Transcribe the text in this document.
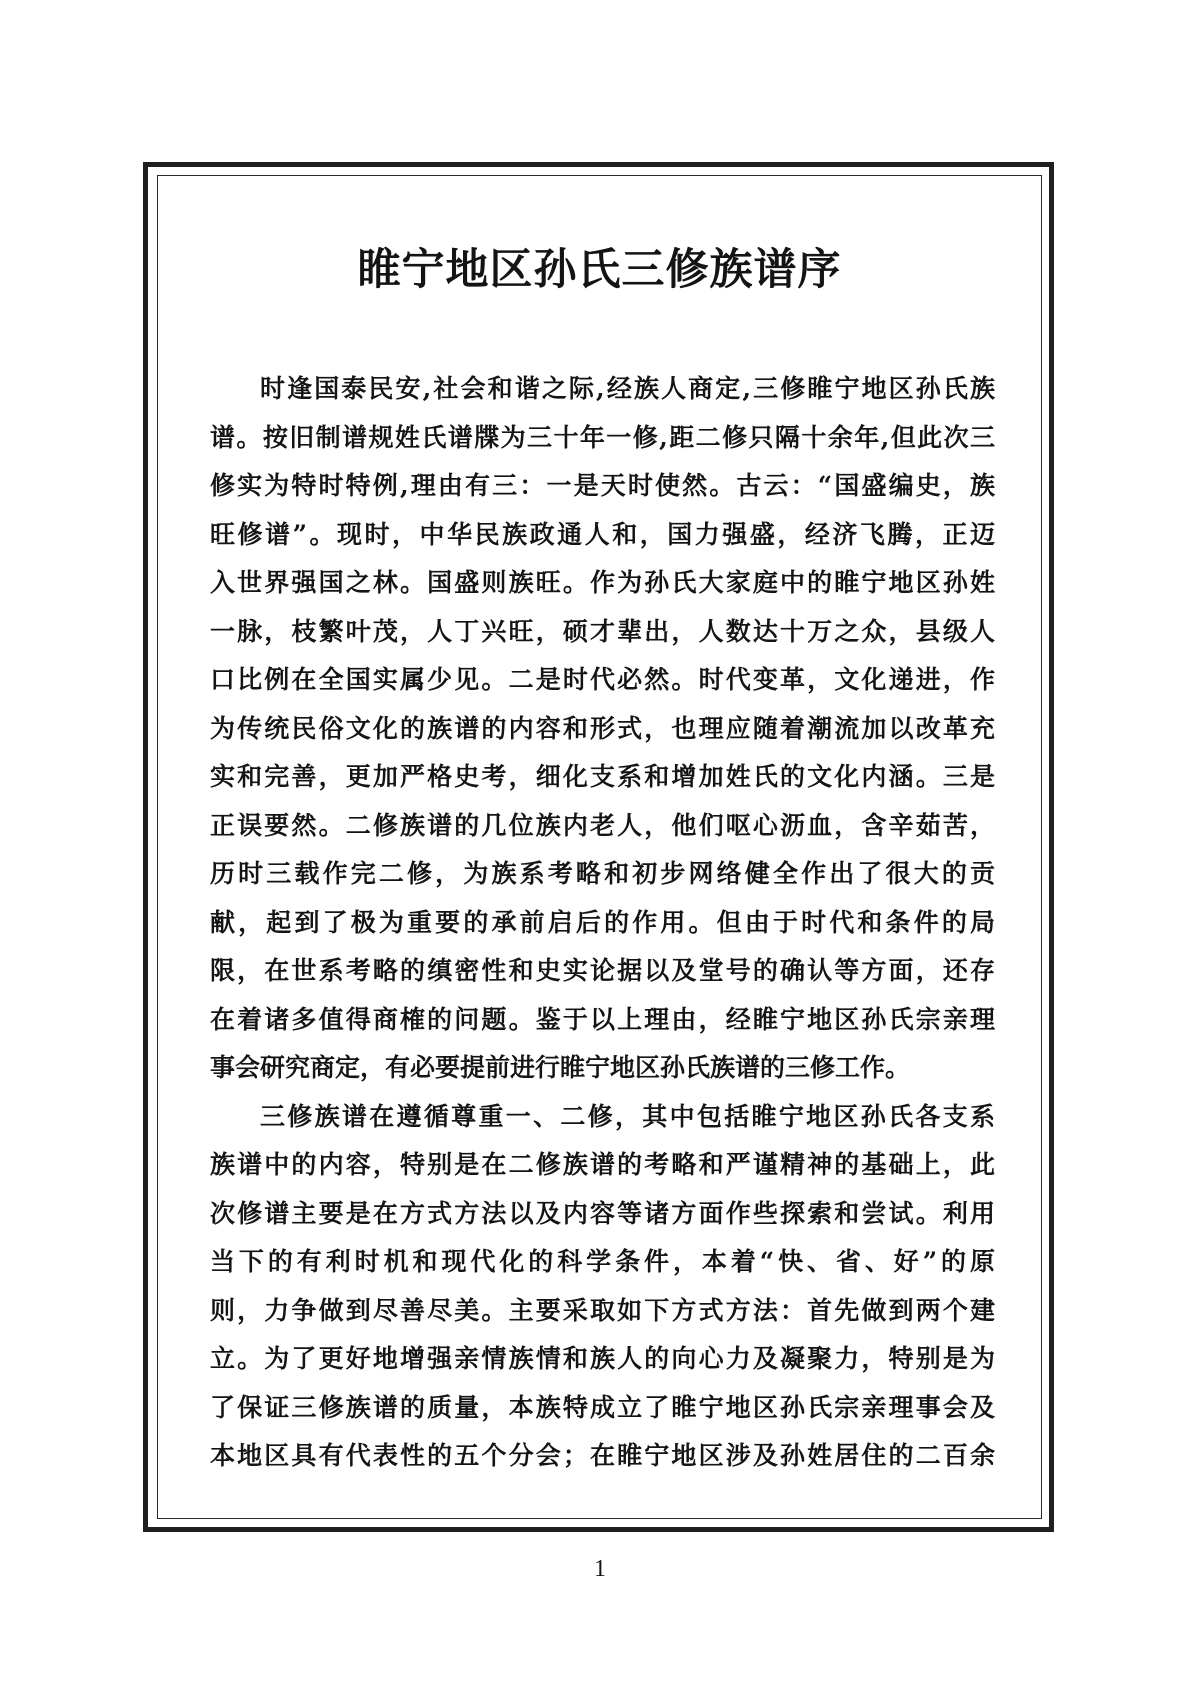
睢宁地区孙氏三修族谱序

时逢国泰民安,社会和谐之际,经族人商定,三修睢宁地区孙氏族
谱。按旧制谱规姓氏谱牒为三十年一修,距二修只隔十余年,但此次三
修实为特时特例,理由有三：一是天时使然。古云：“国盛编史，族
旺修谱”。现时，中华民族政通人和，国力强盛，经济飞腾，正迈
入世界强国之林。国盛则族旺。作为孙氏大家庭中的睢宁地区孙姓
一脉，枝繁叶茂，人丁兴旺，硕才辈出，人数达十万之众，县级人
口比例在全国实属少见。二是时代必然。时代变革，文化递进，作
为传统民俗文化的族谱的内容和形式，也理应随着潮流加以改革充
实和完善，更加严格史考，细化支系和增加姓氏的文化内涵。三是
正误要然。二修族谱的几位族内老人，他们呕心沥血，含辛茹苦，
历时三载作完二修，为族系考略和初步网络健全作出了很大的贡
献，起到了极为重要的承前启后的作用。但由于时代和条件的局
限，在世系考略的缜密性和史实论据以及堂号的确认等方面，还存
在着诸多值得商榷的问题。鉴于以上理由，经睢宁地区孙氏宗亲理
事会研究商定，有必要提前进行睢宁地区孙氏族谱的三修工作。

三修族谱在遵循尊重一、二修，其中包括睢宁地区孙氏各支系
族谱中的内容，特别是在二修族谱的考略和严谨精神的基础上，此
次修谱主要是在方式方法以及内容等诸方面作些探索和尝试。利用
当下的有利时机和现代化的科学条件，本着“快、省、好”的原
则，力争做到尽善尽美。主要采取如下方式方法：首先做到两个建
立。为了更好地增强亲情族情和族人的向心力及凝聚力，特别是为
了保证三修族谱的质量，本族特成立了睢宁地区孙氏宗亲理事会及
本地区具有代表性的五个分会；在睢宁地区涉及孙姓居住的二百余

1
